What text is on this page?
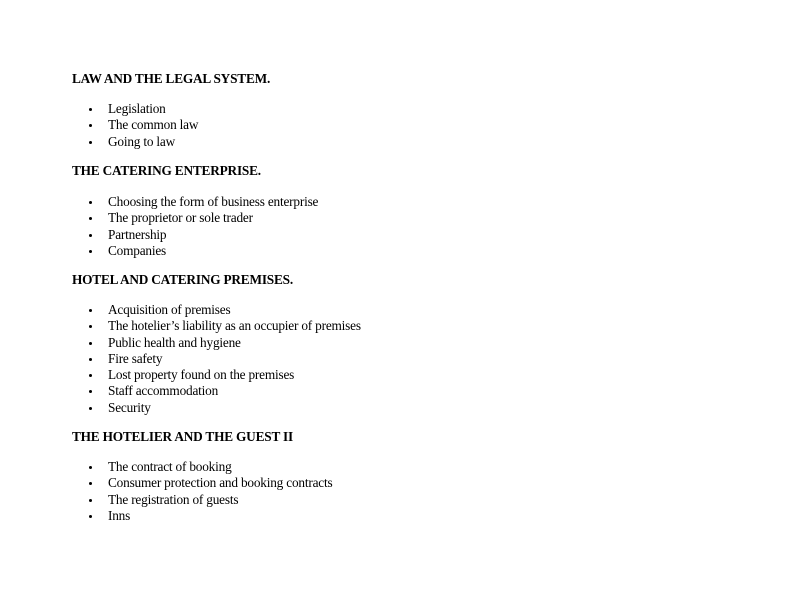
LAW AND THE LEGAL SYSTEM.
Legislation
The common law
Going to law
THE CATERING ENTERPRISE.
Choosing the form of business enterprise
The proprietor or sole trader
Partnership
Companies
HOTEL AND CATERING PREMISES.
Acquisition of premises
The hotelier’s liability as an occupier of premises
Public health and hygiene
Fire safety
Lost property found on the premises
Staff accommodation
Security
THE HOTELIER AND THE GUEST II
The contract of booking
Consumer protection and booking contracts
The registration of guests
Inns
